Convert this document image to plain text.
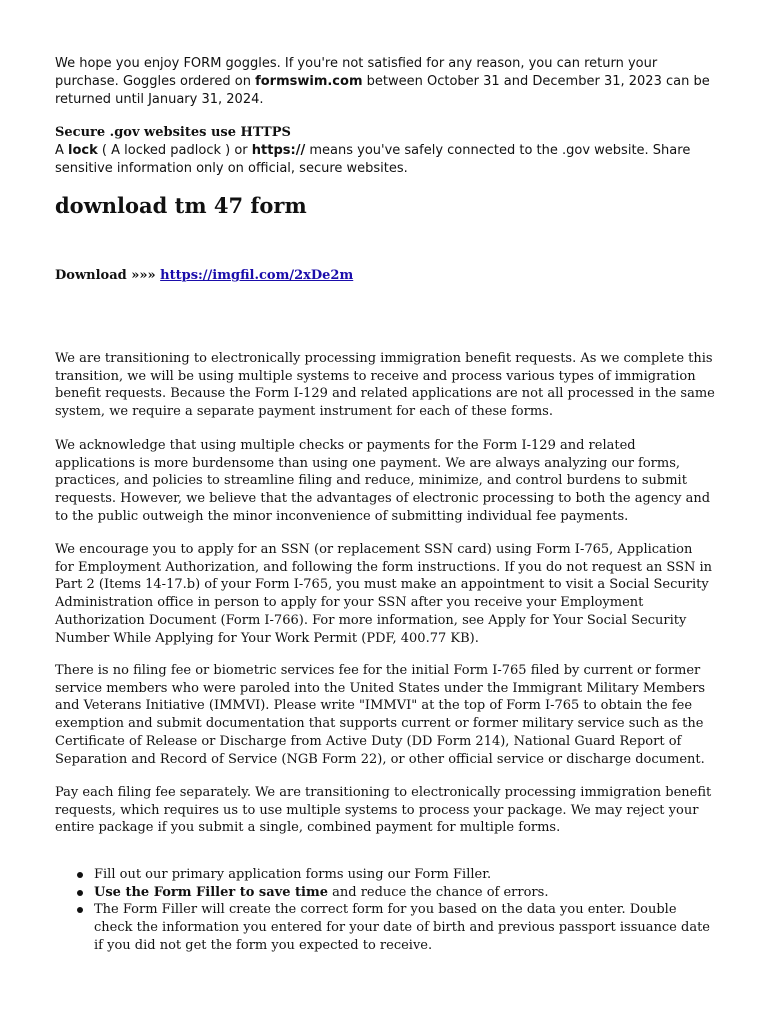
We hope you enjoy FORM goggles. If you're not satisfied for any reason, you can return your purchase. Goggles ordered on formswim.com between October 31 and December 31, 2023 can be returned until January 31, 2024.

Secure .gov websites use HTTPS

A lock ( A locked padlock ) or https:// means you've safely connected to the .gov website. Share sensitive information only on official, secure websites.

download tm 47 form

Download »»» https://imgfil.com/2xDe2m

We are transitioning to electronically processing immigration benefit requests. As we complete this transition, we will be using multiple systems to receive and process various types of immigration benefit requests. Because the Form I-129 and related applications are not all processed in the same system, we require a separate payment instrument for each of these forms.

We acknowledge that using multiple checks or payments for the Form I-129 and related applications is more burdensome than using one payment. We are always analyzing our forms, practices, and policies to streamline filing and reduce, minimize, and control burdens to submit requests. However, we believe that the advantages of electronic processing to both the agency and to the public outweigh the minor inconvenience of submitting individual fee payments.

We encourage you to apply for an SSN (or replacement SSN card) using Form I-765, Application for Employment Authorization, and following the form instructions. If you do not request an SSN in Part 2 (Items 14-17.b) of your Form I-765, you must make an appointment to visit a Social Security Administration office in person to apply for your SSN after you receive your Employment Authorization Document (Form I-766). For more information, see Apply for Your Social Security Number While Applying for Your Work Permit (PDF, 400.77 KB).

There is no filing fee or biometric services fee for the initial Form I-765 filed by current or former service members who were paroled into the United States under the Immigrant Military Members and Veterans Initiative (IMMVI). Please write "IMMVI" at the top of Form I-765 to obtain the fee exemption and submit documentation that supports current or former military service such as the Certificate of Release or Discharge from Active Duty (DD Form 214), National Guard Report of Separation and Record of Service (NGB Form 22), or other official service or discharge document.

Pay each filing fee separately. We are transitioning to electronically processing immigration benefit requests, which requires us to use multiple systems to process your package. We may reject your entire package if you submit a single, combined payment for multiple forms.

Fill out our primary application forms using our Form Filler.
Use the Form Filler to save time and reduce the chance of errors.
The Form Filler will create the correct form for you based on the data you enter. Double check the information you entered for your date of birth and previous passport issuance date if you did not get the form you expected to receive.
